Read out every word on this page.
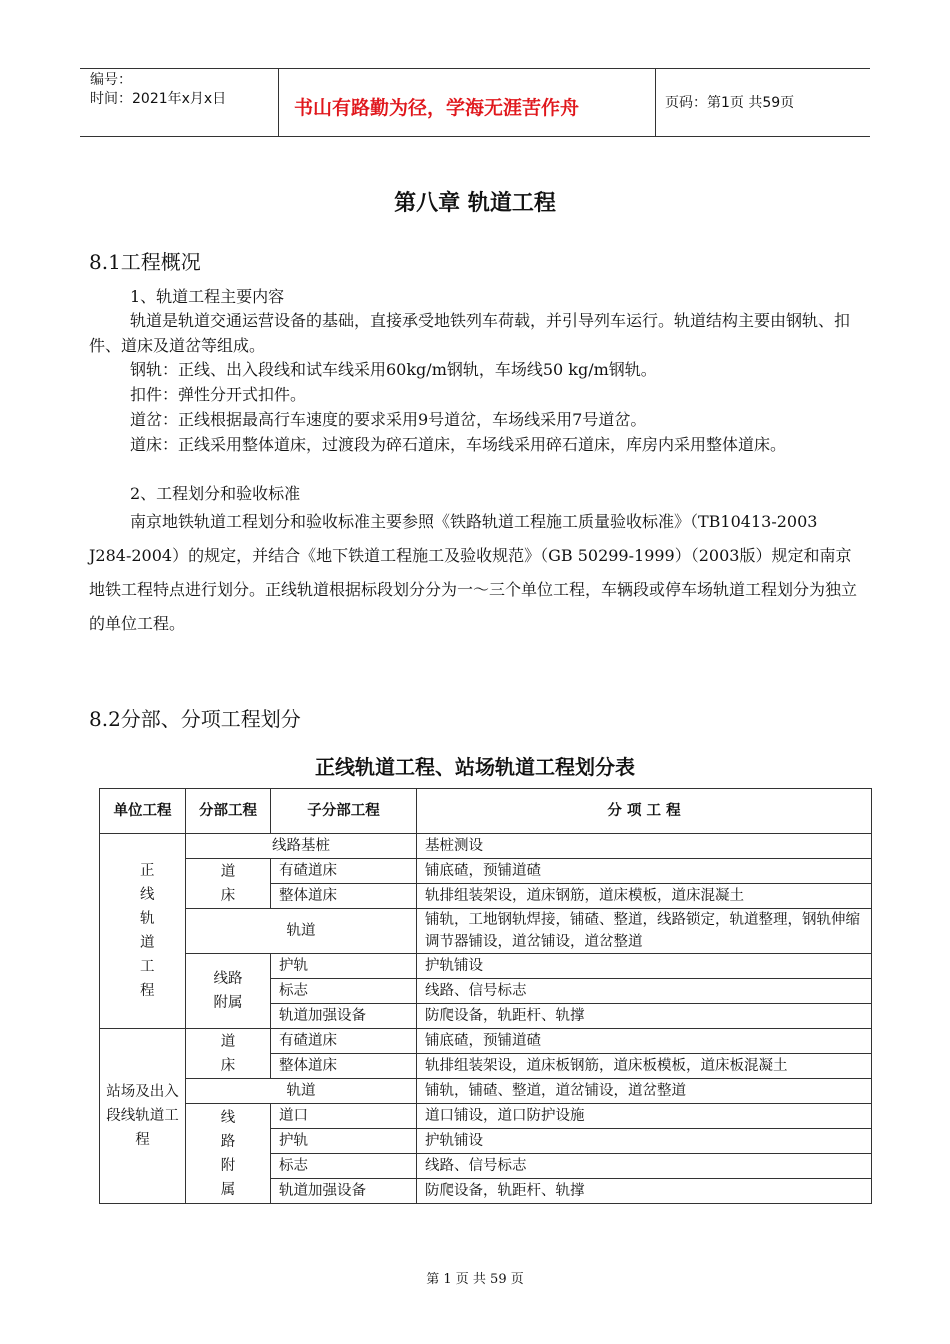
编号：
时间：2021年x月x日	书山有路勤为径，学海无涯苦作舟	页码：第1页 共59页
第八章 轨道工程
8.1工程概况
1、轨道工程主要内容
轨道是轨道交通运营设备的基础，直接承受地铁列车荷载，并引导列车运行。轨道结构主要由钢轨、扣件、道床及道岔等组成。
钢轨：正线、出入段线和试车线采用60kg/m钢轨，车场线50 kg/m钢轨。
扣件：弹性分开式扣件。
道岔：正线根据最高行车速度的要求采用9号道岔，车场线采用7号道岔。
道床：正线采用整体道床，过渡段为碎石道床，车场线采用碎石道床，库房内采用整体道床。
2、工程划分和验收标准
南京地铁轨道工程划分和验收标准主要参照《铁路轨道工程施工质量验收标准》（TB10413-2003　J284-2004）的规定，并结合《地下铁道工程施工及验收规范》（GB 50299-1999）（2003版）规定和南京地铁工程特点进行划分。正线轨道根据标段划分分为一～三个单位工程，车辆段或停车场轨道工程划分为独立的单位工程。
8.2分部、分项工程划分
正线轨道工程、站场轨道工程划分表
单位工程	分部工程	子分部工程	分 项 工 程
正线轨道工程	线路基桩		基桩测设
	道床	有碴道床	铺底碴，预铺道碴
		整体道床	轨排组装架设，道床钢筋，道床模板，道床混凝土
	轨道		铺轨，工地钢轨焊接，铺碴、整道，线路锁定，轨道整理，钢轨伸缩调节器铺设，道岔铺设，道岔整道
	线路附属	护轨	护轨铺设
		标志	线路、信号标志
		轨道加强设备	防爬设备，轨距杆、轨撑

站场及出入段线轨道工程	道床	有碴道床	铺底碴，预铺道碴
		整体道床	轨排组装架设，道床板钢筋，道床板模板，道床板混凝土
	轨道		铺轨，铺碴、整道，道岔铺设，道岔整道
	线路附属	道口	道口铺设，道口防护设施
		护轨	护轨铺设
		标志	线路、信号标志
		轨道加强设备	防爬设备，轨距杆、轨撑
第 1 页 共 59 页
